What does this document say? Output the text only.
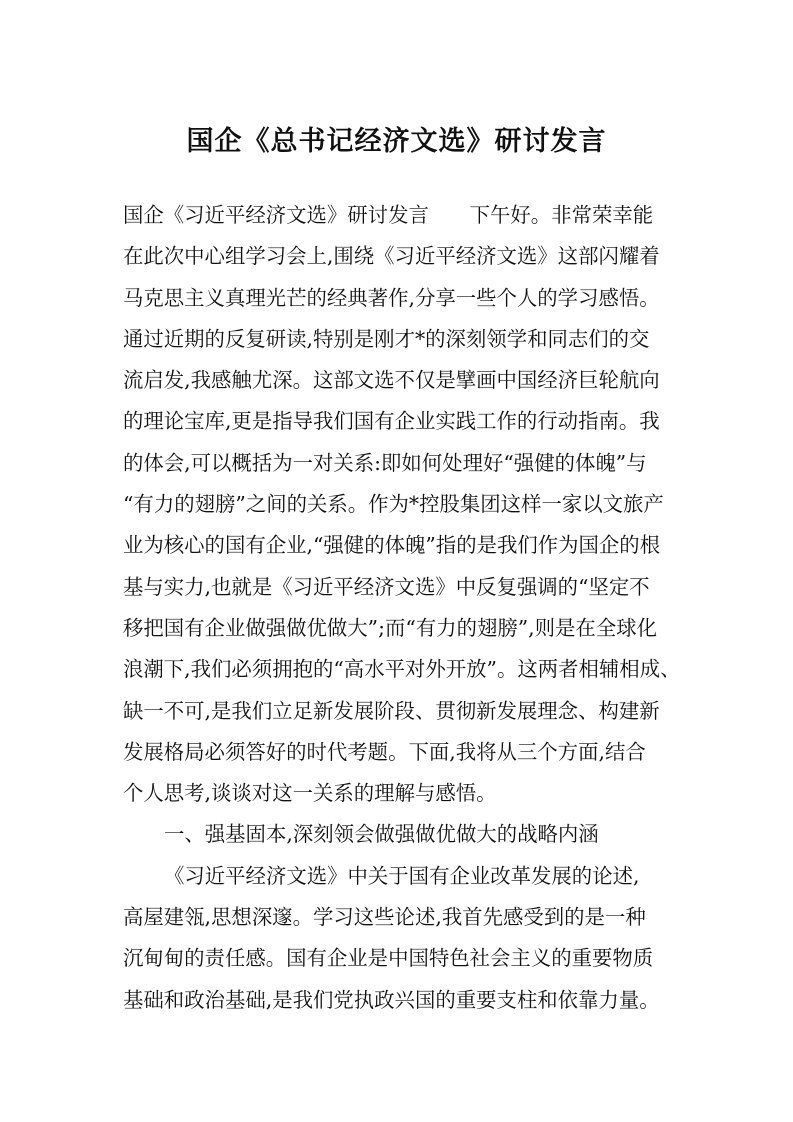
国企《总书记经济文选》研讨发言
国企《习近平经济文选》研讨发言　　下午好。非常荣幸能
在此次中心组学习会上,围绕《习近平经济文选》这部闪耀着
马克思主义真理光芒的经典著作,分享一些个人的学习感悟。
通过近期的反复研读,特别是刚才*的深刻领学和同志们的交
流启发,我感触尤深。这部文选不仅是擘画中国经济巨轮航向
的理论宝库,更是指导我们国有企业实践工作的行动指南。我
的体会,可以概括为一对关系:即如何处理好“强健的体魄”与
“有力的翅膀”之间的关系。作为*控股集团这样一家以文旅产
业为核心的国有企业,“强健的体魄”指的是我们作为国企的根
基与实力,也就是《习近平经济文选》中反复强调的“坚定不
移把国有企业做强做优做大”;而“有力的翅膀”,则是在全球化
浪潮下,我们必须拥抱的“高水平对外开放”。这两者相辅相成、
缺一不可,是我们立足新发展阶段、贯彻新发展理念、构建新
发展格局必须答好的时代考题。下面,我将从三个方面,结合
个人思考,谈谈对这一关系的理解与感悟。
一、强基固本,深刻领会做强做优做大的战略内涵
《习近平经济文选》中关于国有企业改革发展的论述,
高屋建瓴,思想深邃。学习这些论述,我首先感受到的是一种
沉甸甸的责任感。国有企业是中国特色社会主义的重要物质
基础和政治基础,是我们党执政兴国的重要支柱和依靠力量。
